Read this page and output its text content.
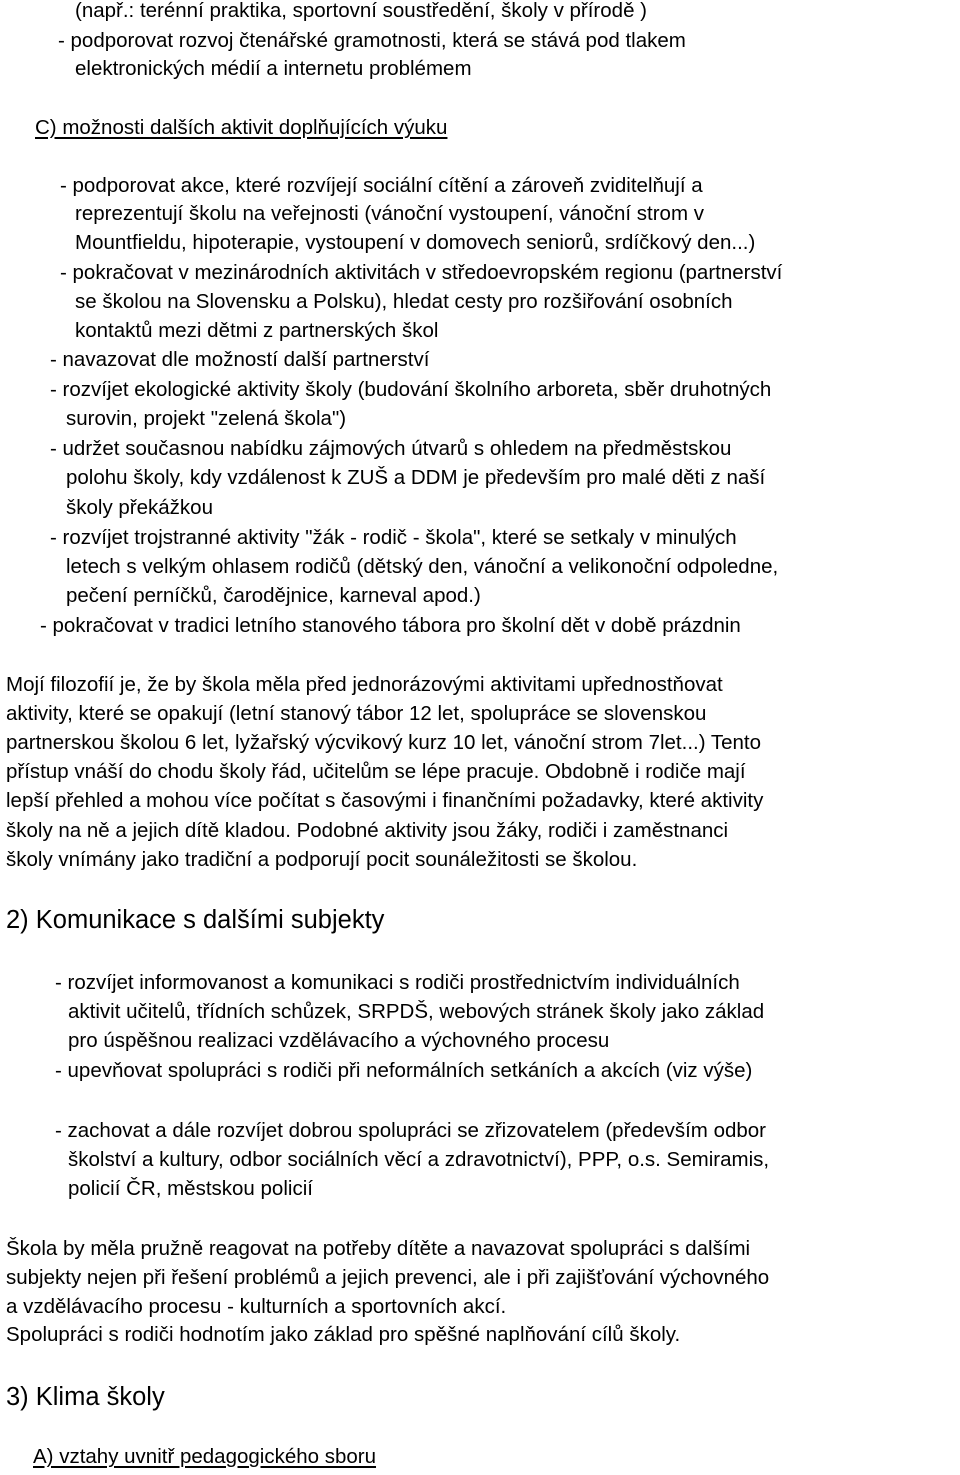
(např.: terénní praktika, sportovní soustředění, školy v přírodě )
- podporovat rozvoj čtenářské gramotnosti, která se stává pod tlakem
elektronických médií a internetu problémem
C) možnosti dalších aktivit doplňujících výuku
- podporovat akce, které rozvíjejí sociální cítění a zároveň zviditelňují a
reprezentují školu na veřejnosti (vánoční vystoupení, vánoční strom v
Mountfieldu, hipoterapie, vystoupení v domovech seniorů, srdíčkový den...)
- pokračovat v mezinárodních aktivitách v středoevropském regionu (partnerství
se školou na Slovensku a Polsku), hledat cesty pro rozšiřování osobních
kontaktů mezi dětmi z partnerských škol
- navazovat dle možností další partnerství
- rozvíjet ekologické aktivity školy (budování školního arboreta, sběr druhotných
surovin, projekt "zelená škola")
- udržet současnou nabídku zájmových útvarů s ohledem na předměstskou
polohu školy, kdy vzdálenost k ZUŠ a DDM je především pro malé děti z naší
školy překážkou
- rozvíjet trojstranné aktivity "žák - rodič - škola", které se setkaly v minulých
letech s velkým ohlasem rodičů (dětský den, vánoční a velikonoční odpoledne,
pečení perníčků, čarodějnice, karneval apod.)
- pokračovat v tradici letního stanového tábora pro školní dět v době prázdnin
Mojí filozofií je, že by škola měla před jednorázovými aktivitami upřednostňovat
aktivity, které se opakují (letní stanový tábor 12 let, spolupráce se slovenskou
partnerskou školou 6 let, lyžařský výcvikový kurz 10 let, vánoční strom 7let...) Tento
přístup vnáší do chodu školy řád, učitelům se lépe pracuje. Obdobně i rodiče mají
lepší přehled a mohou více počítat s časovými i finančními požadavky, které aktivity
školy na ně a jejich dítě kladou. Podobné aktivity jsou žáky, rodiči i zaměstnanci
školy vnímány jako tradiční a podporují pocit sounáležitosti se školou.
2) Komunikace s dalšími subjekty
- rozvíjet informovanost a komunikaci s rodiči prostřednictvím individuálních
aktivit učitelů, třídních schůzek, SRPDŠ, webových stránek školy jako základ
pro úspěšnou realizaci vzdělávacího a výchovného procesu
- upevňovat spolupráci s rodiči při neformálních setkáních a akcích (viz výše)
- zachovat a dále rozvíjet dobrou spolupráci se zřizovatelem (především odbor
školství a kultury, odbor sociálních věcí a zdravotnictví), PPP, o.s. Semiramis,
policií ČR, městskou policií
Škola by měla pružně reagovat na potřeby dítěte a navazovat spolupráci s dalšími
subjekty nejen při řešení problémů a jejich prevenci, ale i při zajišťování výchovného
a vzdělávacího procesu - kulturních a sportovních akcí.
Spolupráci s rodiči hodnotím jako základ pro spěšné naplňování cílů školy.
3) Klima školy
A) vztahy uvnitř pedagogického sboru
